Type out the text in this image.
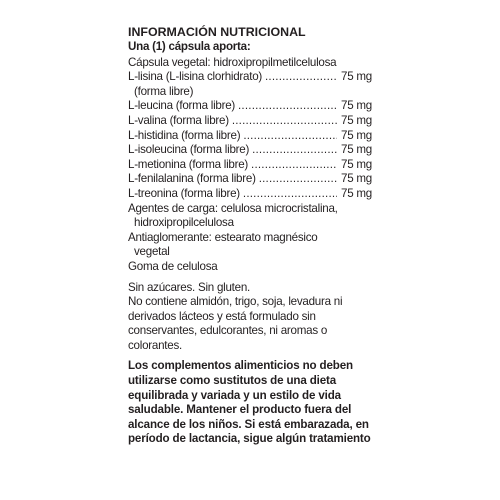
INFORMACIÓN NUTRICIONAL
Una (1) cápsula aporta:
Cápsula vegetal: hidroxipropilmetilcelulosa
L-lisina (L-lisina clorhidrato) .....	75 mg
(forma libre)
L-leucina (forma libre) .....	75 mg
L-valina (forma libre) .....	75 mg
L-histidina (forma libre) .....	75 mg
L-isoleucina (forma libre) .....	75 mg
L-metionina (forma libre) .....	75 mg
L-fenilalanina (forma libre) .....	75 mg
L-treonina (forma libre) .....	75 mg
Agentes de carga: celulosa microcristalina,
hidroxipropilcelulosa
Antiaglomerante: estearato magnésico
vegetal
Goma de celulosa
Sin azúcares. Sin gluten.
No contiene almidón, trigo, soja, levadura ni
derivados lácteos y está formulado sin
conservantes, edulcorantes, ni aromas o
colorantes.
Los complementos alimenticios no deben
utilizarse como sustitutos de una dieta
equilibrada y variada y un estilo de vida
saludable. Mantener el producto fuera del
alcance de los niños. Si está embarazada, en
período de lactancia, sigue algún tratamiento
